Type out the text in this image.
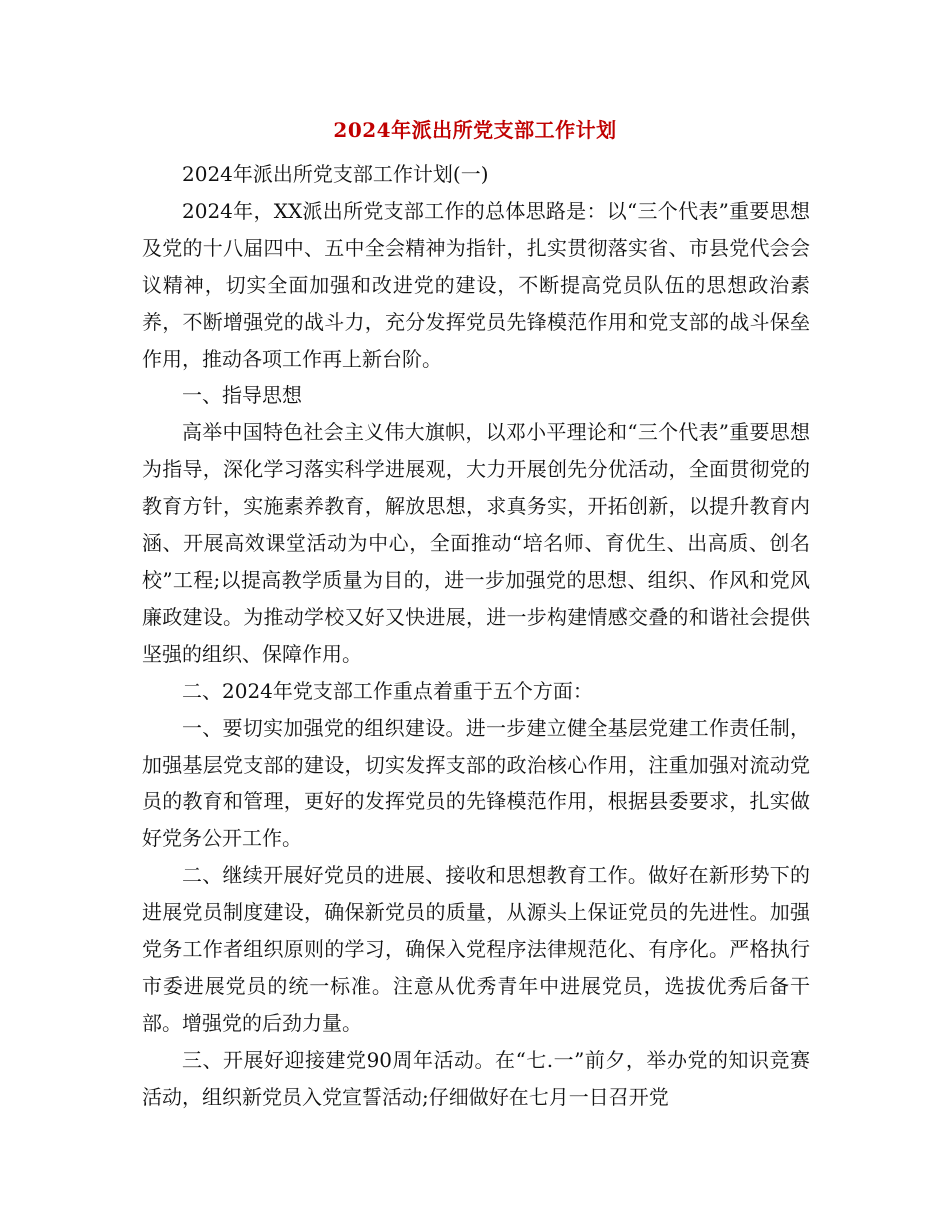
2024年派出所党支部工作计划

2024年派出所党支部工作计划(一)

2024年，XX派出所党支部工作的总体思路是：以“三个代表”重要思想及党的十八届四中、五中全会精神为指针，扎实贯彻落实省、市县党代会会议精神，切实全面加强和改进党的建设，不断提高党员队伍的思想政治素养，不断增强党的战斗力，充分发挥党员先锋模范作用和党支部的战斗保垒作用，推动各项工作再上新台阶。

一、指导思想

高举中国特色社会主义伟大旗帜，以邓小平理论和“三个代表”重要思想为指导，深化学习落实科学进展观，大力开展创先分优活动，全面贯彻党的教育方针，实施素养教育，解放思想，求真务实，开拓创新，以提升教育内涵、开展高效课堂活动为中心，全面推动“培名师、育优生、出高质、创名校”工程;以提高教学质量为目的，进一步加强党的思想、组织、作风和党风廉政建设。为推动学校又好又快进展，进一步构建情感交叠的和谐社会提供坚强的组织、保障作用。

二、2024年党支部工作重点着重于五个方面：

一、要切实加强党的组织建设。进一步建立健全基层党建工作责任制，加强基层党支部的建设，切实发挥支部的政治核心作用，注重加强对流动党员的教育和管理，更好的发挥党员的先锋模范作用，根据县委要求，扎实做好党务公开工作。

二、继续开展好党员的进展、接收和思想教育工作。做好在新形势下的进展党员制度建设，确保新党员的质量，从源头上保证党员的先进性。加强党务工作者组织原则的学习，确保入党程序法律规范化、有序化。严格执行市委进展党员的统一标准。注意从优秀青年中进展党员，选拔优秀后备干部。增强党的后劲力量。

三、开展好迎接建党90周年活动。在“七.一”前夕，举办党的知识竞赛活动，组织新党员入党宣誓活动;仔细做好在七月一日召开党
